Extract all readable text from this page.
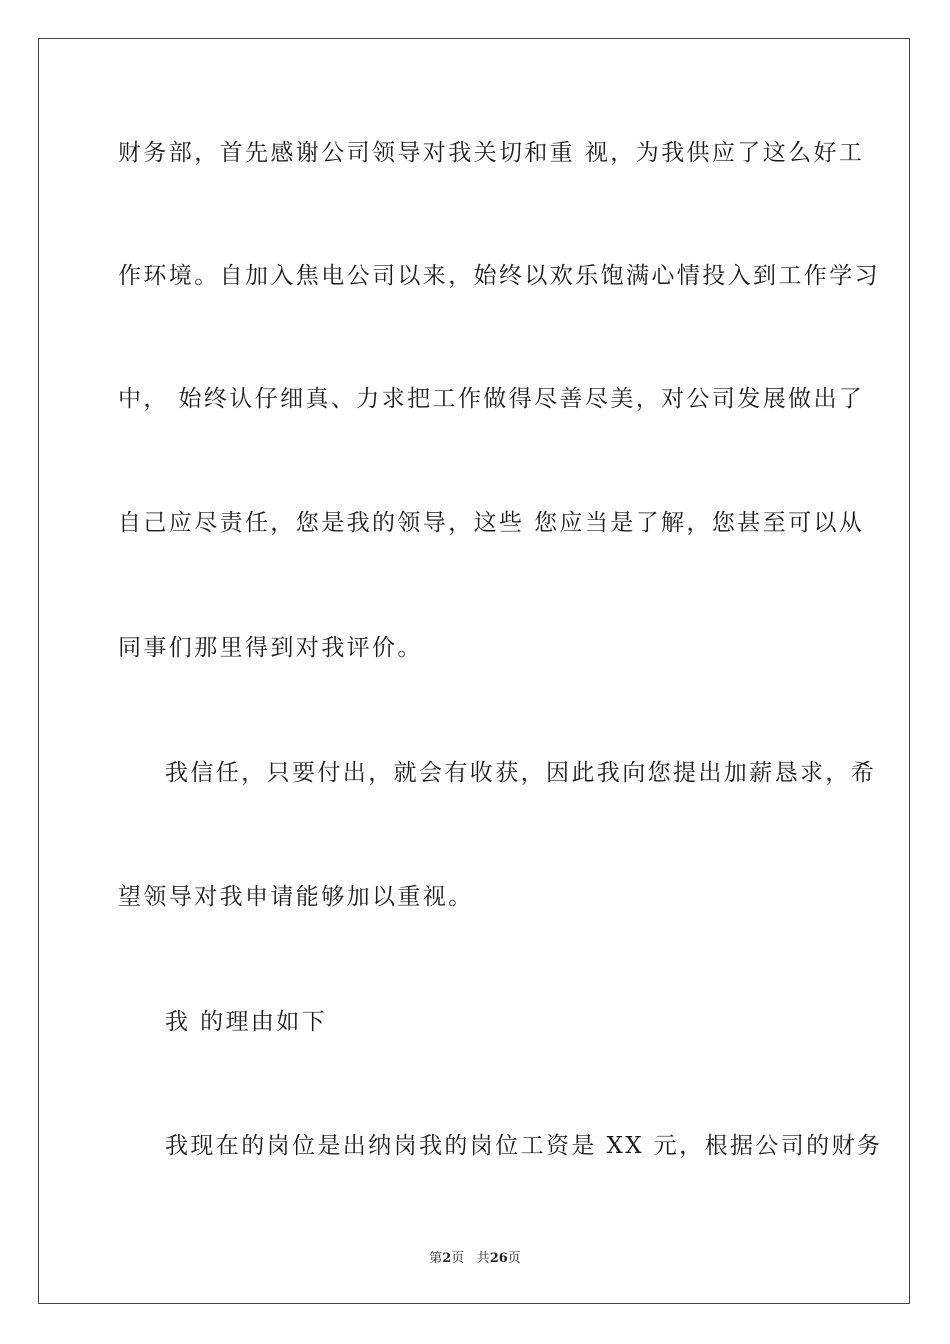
财务部，首先感谢公司领导对我关切和重 视，为我供应了这么好工
作环境。自加入焦电公司以来，始终以欢乐饱满心情投入到工作学习
中， 始终认仔细真、力求把工作做得尽善尽美，对公司发展做出了
自己应尽责任，您是我的领导，这些 您应当是了解，您甚至可以从
同事们那里得到对我评价。
我信任，只要付出，就会有收获，因此我向您提出加薪恳求，希
望领导对我申请能够加以重视。
我 的理由如下
我现在的岗位是出纳岗我的岗位工资是 XX 元，根据公司的财务
第2页 共26页
